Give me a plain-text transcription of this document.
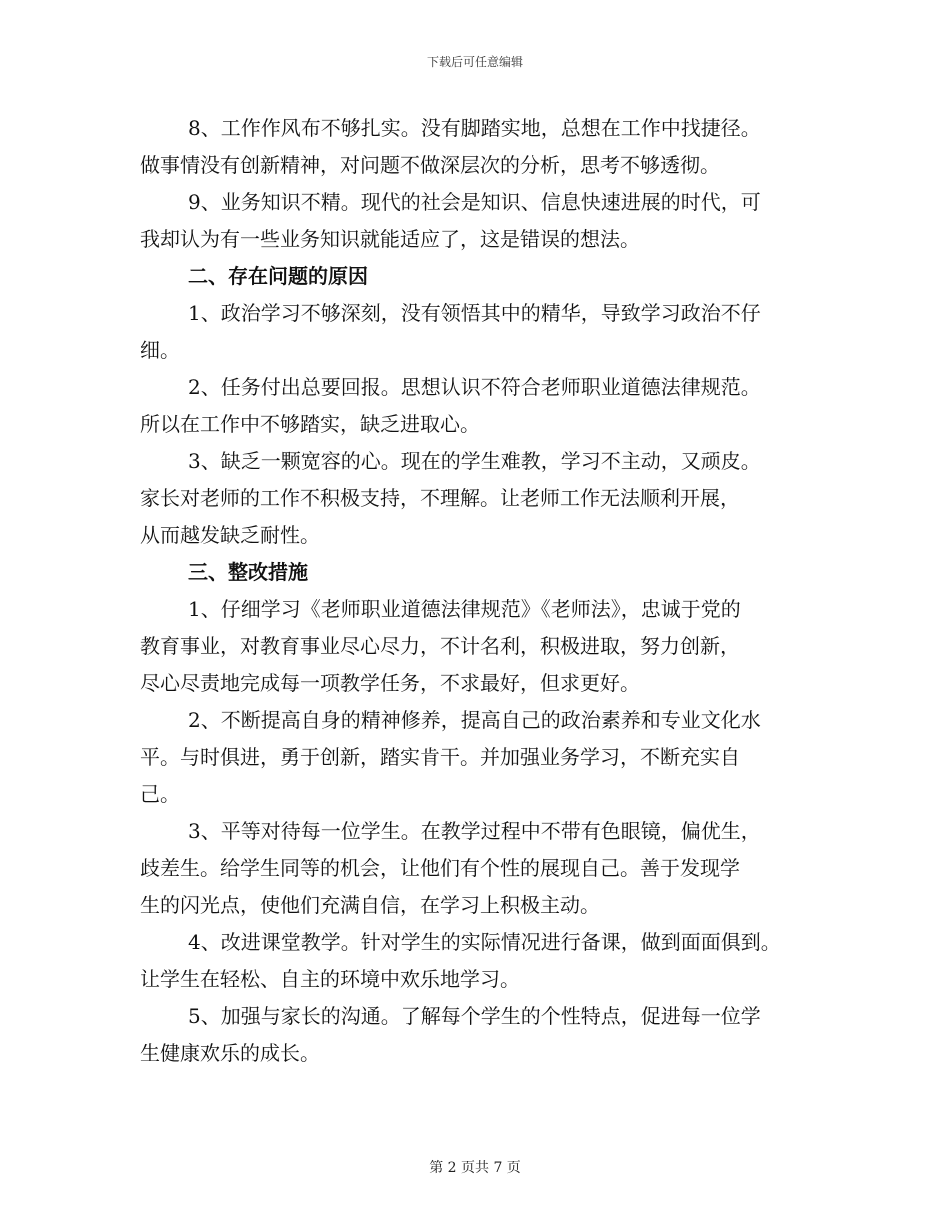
下载后可任意编辑
8、工作作风布不够扎实。没有脚踏实地，总想在工作中找捷径。
做事情没有创新精神，对问题不做深层次的分析，思考不够透彻。
9、业务知识不精。现代的社会是知识、信息快速进展的时代，可
我却认为有一些业务知识就能适应了，这是错误的想法。
二、存在问题的原因
1、政治学习不够深刻，没有领悟其中的精华，导致学习政治不仔
细。
2、任务付出总要回报。思想认识不符合老师职业道德法律规范。
所以在工作中不够踏实，缺乏进取心。
3、缺乏一颗宽容的心。现在的学生难教，学习不主动，又顽皮。
家长对老师的工作不积极支持，不理解。让老师工作无法顺利开展，
从而越发缺乏耐性。
三、整改措施
1、仔细学习《老师职业道德法律规范》《老师法》，忠诚于党的
教育事业，对教育事业尽心尽力，不计名利，积极进取，努力创新，
尽心尽责地完成每一项教学任务，不求最好，但求更好。
2、不断提高自身的精神修养，提高自己的政治素养和专业文化水
平。与时俱进，勇于创新，踏实肯干。并加强业务学习，不断充实自
己。
3、平等对待每一位学生。在教学过程中不带有色眼镜，偏优生，
歧差生。给学生同等的机会，让他们有个性的展现自己。善于发现学
生的闪光点，使他们充满自信，在学习上积极主动。
4、改进课堂教学。针对学生的实际情况进行备课，做到面面俱到。
让学生在轻松、自主的环境中欢乐地学习。
5、加强与家长的沟通。了解每个学生的个性特点，促进每一位学
生健康欢乐的成长。
第 2 页共 7 页
